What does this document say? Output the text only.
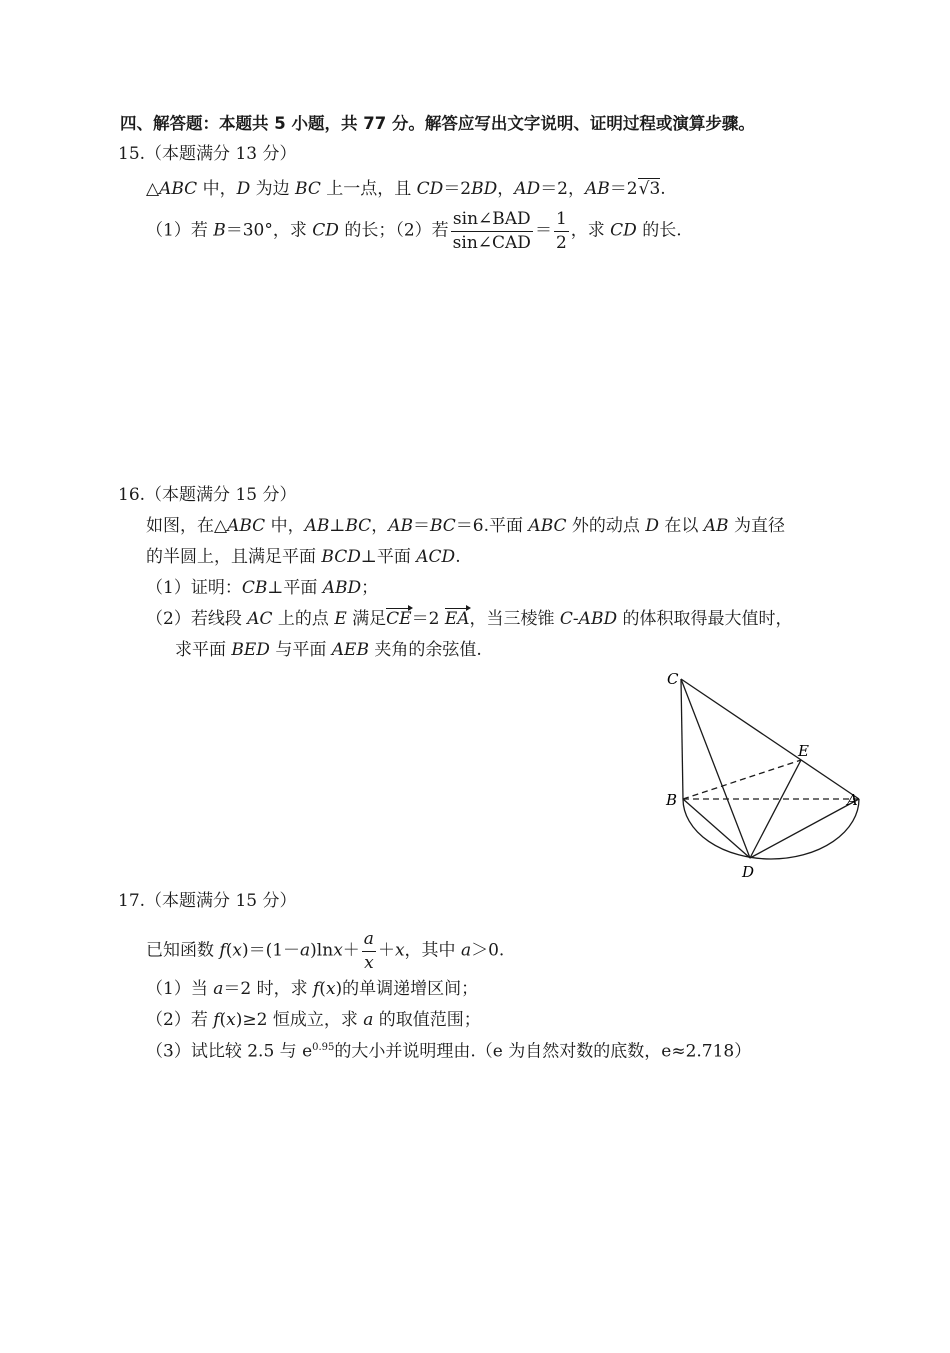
四、解答题：本题共 5 小题，共 77 分。解答应写出文字说明、证明过程或演算步骤。
15.（本题满分 13 分）
△ABC 中，D 为边 BC 上一点，且 CD＝2BD，AD＝2，AB＝2√3.
（1）若 B＝30°，求 CD 的长；（2）若 $\frac{\text{sin∠BAD}}{\text{sin∠CAD}} = \frac{1}{2}$ ，求 CD 的长.
16.（本题满分 15 分）
如图，在△ABC 中，AB⊥BC，AB＝BC＝6.平面 ABC 外的动点 D 在以 AB 为直径
的半圆上，且满足平面 BCD⊥平面 ACD.
（1）证明：CB⊥平面 ABD；
（2）若线段 AC 上的点 E 满足CE＝2 EA，当三棱锥 C-ABD 的体积取得最大值时，
求平面 BED 与平面 AEB 夹角的余弦值.
C
E
B	A
D
17.（本题满分 15 分）
已知函数 $f(x)=(1-a)\ln x+ \frac{a}{x} +x$，其中 a＞0.
（1）当 a＝2 时，求 f(x)的单调递增区间；
（2）若 f(x)≥2 恒成立，求 a 的取值范围；
（3）试比较 2.5 与 $e^{0.95}$的大小并说明理由.（e 为自然对数的底数，e≈2.718）
